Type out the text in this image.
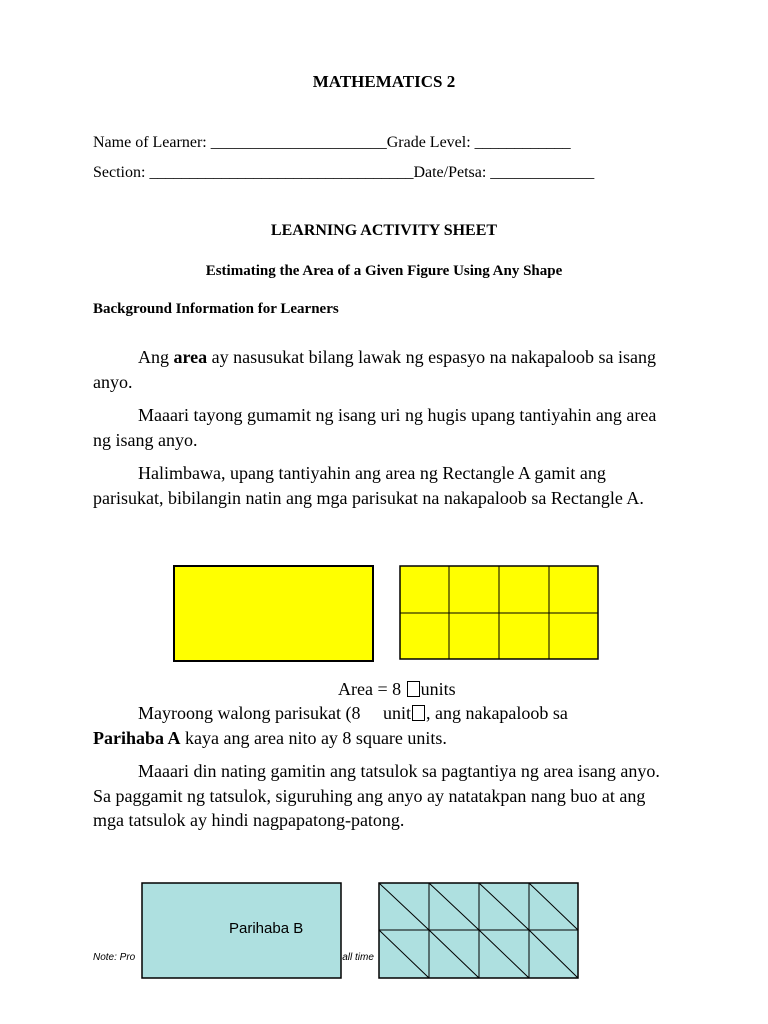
MATHEMATICS 2
Name of Learner: ______________________Grade Level: ____________
Section: _________________________________Date/Petsa: _____________
LEARNING ACTIVITY SHEET
Estimating the Area of a Given Figure Using Any Shape
Background Information for Learners

Ang area ay nasusukat bilang lawak ng espasyo na nakapaloob sa isang anyo.

Maaari tayong gumamit ng isang uri ng hugis upang tantiyahin ang area ng isang anyo.

Halimbawa, upang tantiyahin ang area ng Rectangle A gamit ang parisukat, bibilangin natin ang mga parisukat na nakapaloob sa Rectangle A.

Area = 8 units

Mayroong walong parisukat (8 unit , ang nakapaloob sa

Parihaba A kaya ang area nito ay 8 square units.

Maaari din nating gamitin ang tatsulok sa pagtantiya ng area isang anyo. Sa paggamit ng tatsulok, siguruhing ang anyo ay natatakpan nang buo at ang mga tatsulok ay hindi nagpapatong-patong.

Note: Pro	all time
Parihaba B
